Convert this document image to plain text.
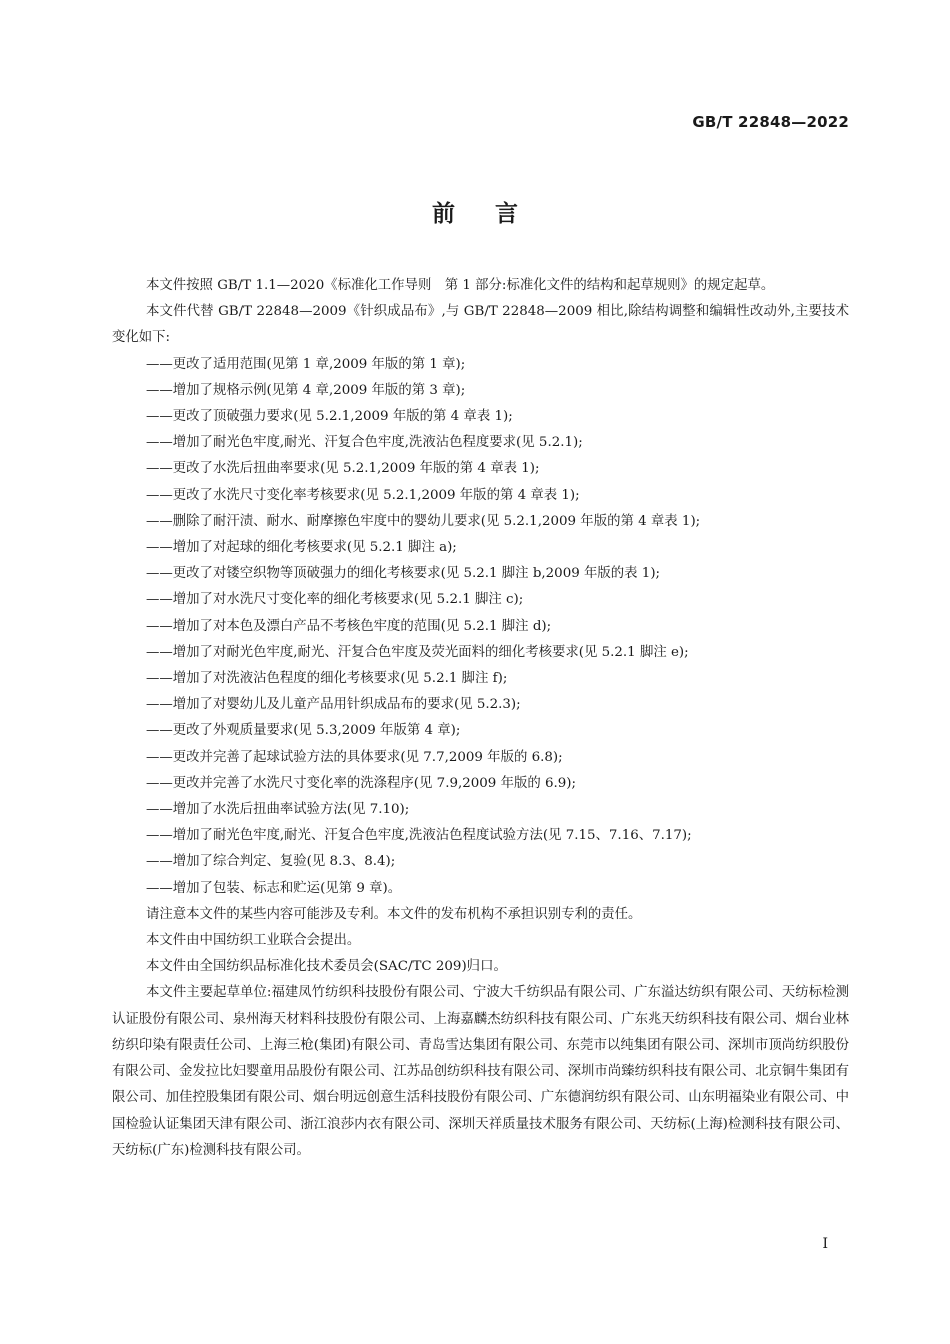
GB/T 22848—2022
前言

本文件按照 GB/T 1.1—2020《标准化工作导则　第 1 部分:标准化文件的结构和起草规则》的规定起草。

本文件代替 GB/T 22848—2009《针织成品布》,与 GB/T 22848—2009 相比,除结构调整和编辑性改动外,主要技术变化如下:

——更改了适用范围(见第 1 章,2009 年版的第 1 章);
——增加了规格示例(见第 4 章,2009 年版的第 3 章);
——更改了顶破强力要求(见 5.2.1,2009 年版的第 4 章表 1);
——增加了耐光色牢度,耐光、汗复合色牢度,洗液沾色程度要求(见 5.2.1);
——更改了水洗后扭曲率要求(见 5.2.1,2009 年版的第 4 章表 1);
——更改了水洗尺寸变化率考核要求(见 5.2.1,2009 年版的第 4 章表 1);
——删除了耐汗渍、耐水、耐摩擦色牢度中的婴幼儿要求(见 5.2.1,2009 年版的第 4 章表 1);
——增加了对起球的细化考核要求(见 5.2.1 脚注 a);
——更改了对镂空织物等顶破强力的细化考核要求(见 5.2.1 脚注 b,2009 年版的表 1);
——增加了对水洗尺寸变化率的细化考核要求(见 5.2.1 脚注 c);
——增加了对本色及漂白产品不考核色牢度的范围(见 5.2.1 脚注 d);
——增加了对耐光色牢度,耐光、汗复合色牢度及荧光面料的细化考核要求(见 5.2.1 脚注 e);
——增加了对洗液沾色程度的细化考核要求(见 5.2.1 脚注 f);
——增加了对婴幼儿及儿童产品用针织成品布的要求(见 5.2.3);
——更改了外观质量要求(见 5.3,2009 年版第 4 章);
——更改并完善了起球试验方法的具体要求(见 7.7,2009 年版的 6.8);
——更改并完善了水洗尺寸变化率的洗涤程序(见 7.9,2009 年版的 6.9);
——增加了水洗后扭曲率试验方法(见 7.10);
——增加了耐光色牢度,耐光、汗复合色牢度,洗液沾色程度试验方法(见 7.15、7.16、7.17);
——增加了综合判定、复验(见 8.3、8.4);
——增加了包装、标志和贮运(见第 9 章)。

请注意本文件的某些内容可能涉及专利。本文件的发布机构不承担识别专利的责任。

本文件由中国纺织工业联合会提出。

本文件由全国纺织品标准化技术委员会(SAC/TC 209)归口。

本文件主要起草单位:福建凤竹纺织科技股份有限公司、宁波大千纺织品有限公司、广东溢达纺织有限公司、天纺标检测认证股份有限公司、泉州海天材料科技股份有限公司、上海嘉麟杰纺织科技有限公司、广东兆天纺织科技有限公司、烟台业林纺织印染有限责任公司、上海三枪(集团)有限公司、青岛雪达集团有限公司、东莞市以纯集团有限公司、深圳市顶尚纺织股份有限公司、金发拉比妇婴童用品股份有限公司、江苏品创纺织科技有限公司、深圳市尚臻纺织科技有限公司、北京铜牛集团有限公司、加佳控股集团有限公司、烟台明远创意生活科技股份有限公司、广东德润纺织有限公司、山东明福染业有限公司、中国检验认证集团天津有限公司、浙江浪莎内衣有限公司、深圳天祥质量技术服务有限公司、天纺标(上海)检测科技有限公司、天纺标(广东)检测科技有限公司。

I
